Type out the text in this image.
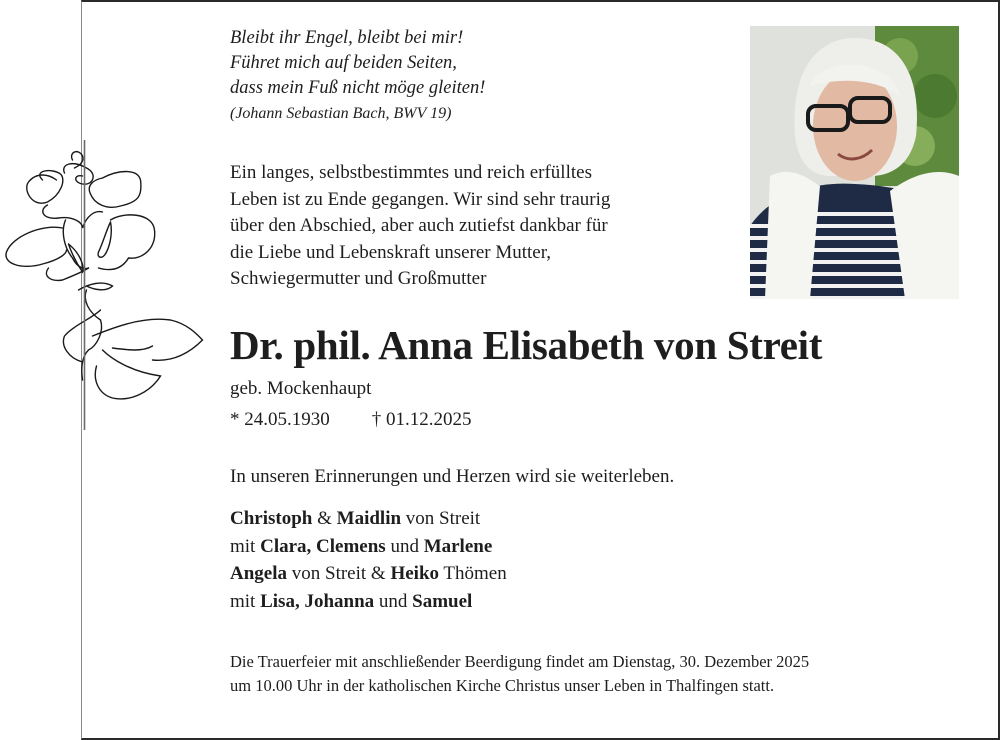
Bleibt ihr Engel, bleibt bei mir!
Führet mich auf beiden Seiten,
dass mein Fuß nicht möge gleiten!
(Johann Sebastian Bach, BWV 19)
Ein langes, selbstbestimmtes und reich erfülltes
Leben ist zu Ende gegangen. Wir sind sehr traurig
über den Abschied, aber auch zutiefst dankbar für
die Liebe und Lebenskraft unserer Mutter,
Schwiegermutter und Großmutter
Dr. phil. Anna Elisabeth von Streit
geb. Mockenhaupt
* 24.05.1930 † 01.12.2025
In unseren Erinnerungen und Herzen wird sie weiterleben.
Christoph & Maidlin von Streit
mit Clara, Clemens und Marlene
Angela von Streit & Heiko Thömen
mit Lisa, Johanna und Samuel
Die Trauerfeier mit anschließender Beerdigung findet am Dienstag, 30. Dezember 2025
um 10.00 Uhr in der katholischen Kirche Christus unser Leben in Thalfingen statt.
